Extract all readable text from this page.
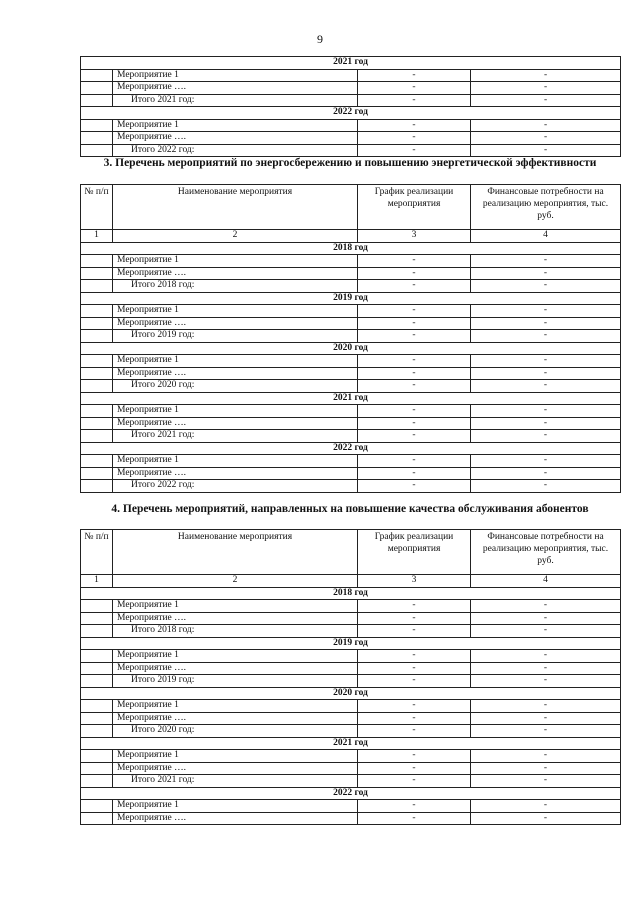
9
2021 год			
	Мероприятие 1	-	-
	Мероприятие ….	-	-
	Итого 2021 год:	-	-
2022 год			
	Мероприятие 1	-	-
	Мероприятие ….	-	-
	Итого 2022 год:	-	-
3. Перечень мероприятий по энергосбережению и повышению энергетической эффективности
№ п/п	Наименование мероприятия	График реализации мероприятия	Финансовые потребности на реализацию мероприятия, тыс. руб.
1	2	3	4
2018 год			
	Мероприятие 1	-	-
	Мероприятие ….	-	-
	Итого 2018 год:	-	-
2019 год			
	Мероприятие 1	-	-
	Мероприятие ….	-	-
	Итого 2019 год:	-	-
2020 год			
	Мероприятие 1	-	-
	Мероприятие ….	-	-
	Итого 2020 год:	-	-
2021 год			
	Мероприятие 1	-	-
	Мероприятие ….	-	-
	Итого 2021 год:	-	-
2022 год			
	Мероприятие 1	-	-
	Мероприятие ….	-	-
	Итого 2022 год:	-	-
4. Перечень мероприятий, направленных на повышение качества обслуживания абонентов
№ п/п	Наименование мероприятия	График реализации мероприятия	Финансовые потребности на реализацию мероприятия, тыс. руб.
1	2	3	4
2018 год			
	Мероприятие 1	-	-
	Мероприятие ….	-	-
	Итого 2018 год:	-	-
2019 год			
	Мероприятие 1	-	-
	Мероприятие ….	-	-
	Итого 2019 год:	-	-
2020 год			
	Мероприятие 1	-	-
	Мероприятие ….	-	-
	Итого 2020 год:	-	-
2021 год			
	Мероприятие 1	-	-
	Мероприятие ….	-	-
	Итого 2021 год:	-	-
2022 год			
	Мероприятие 1	-	-
	Мероприятие ….	-	-
